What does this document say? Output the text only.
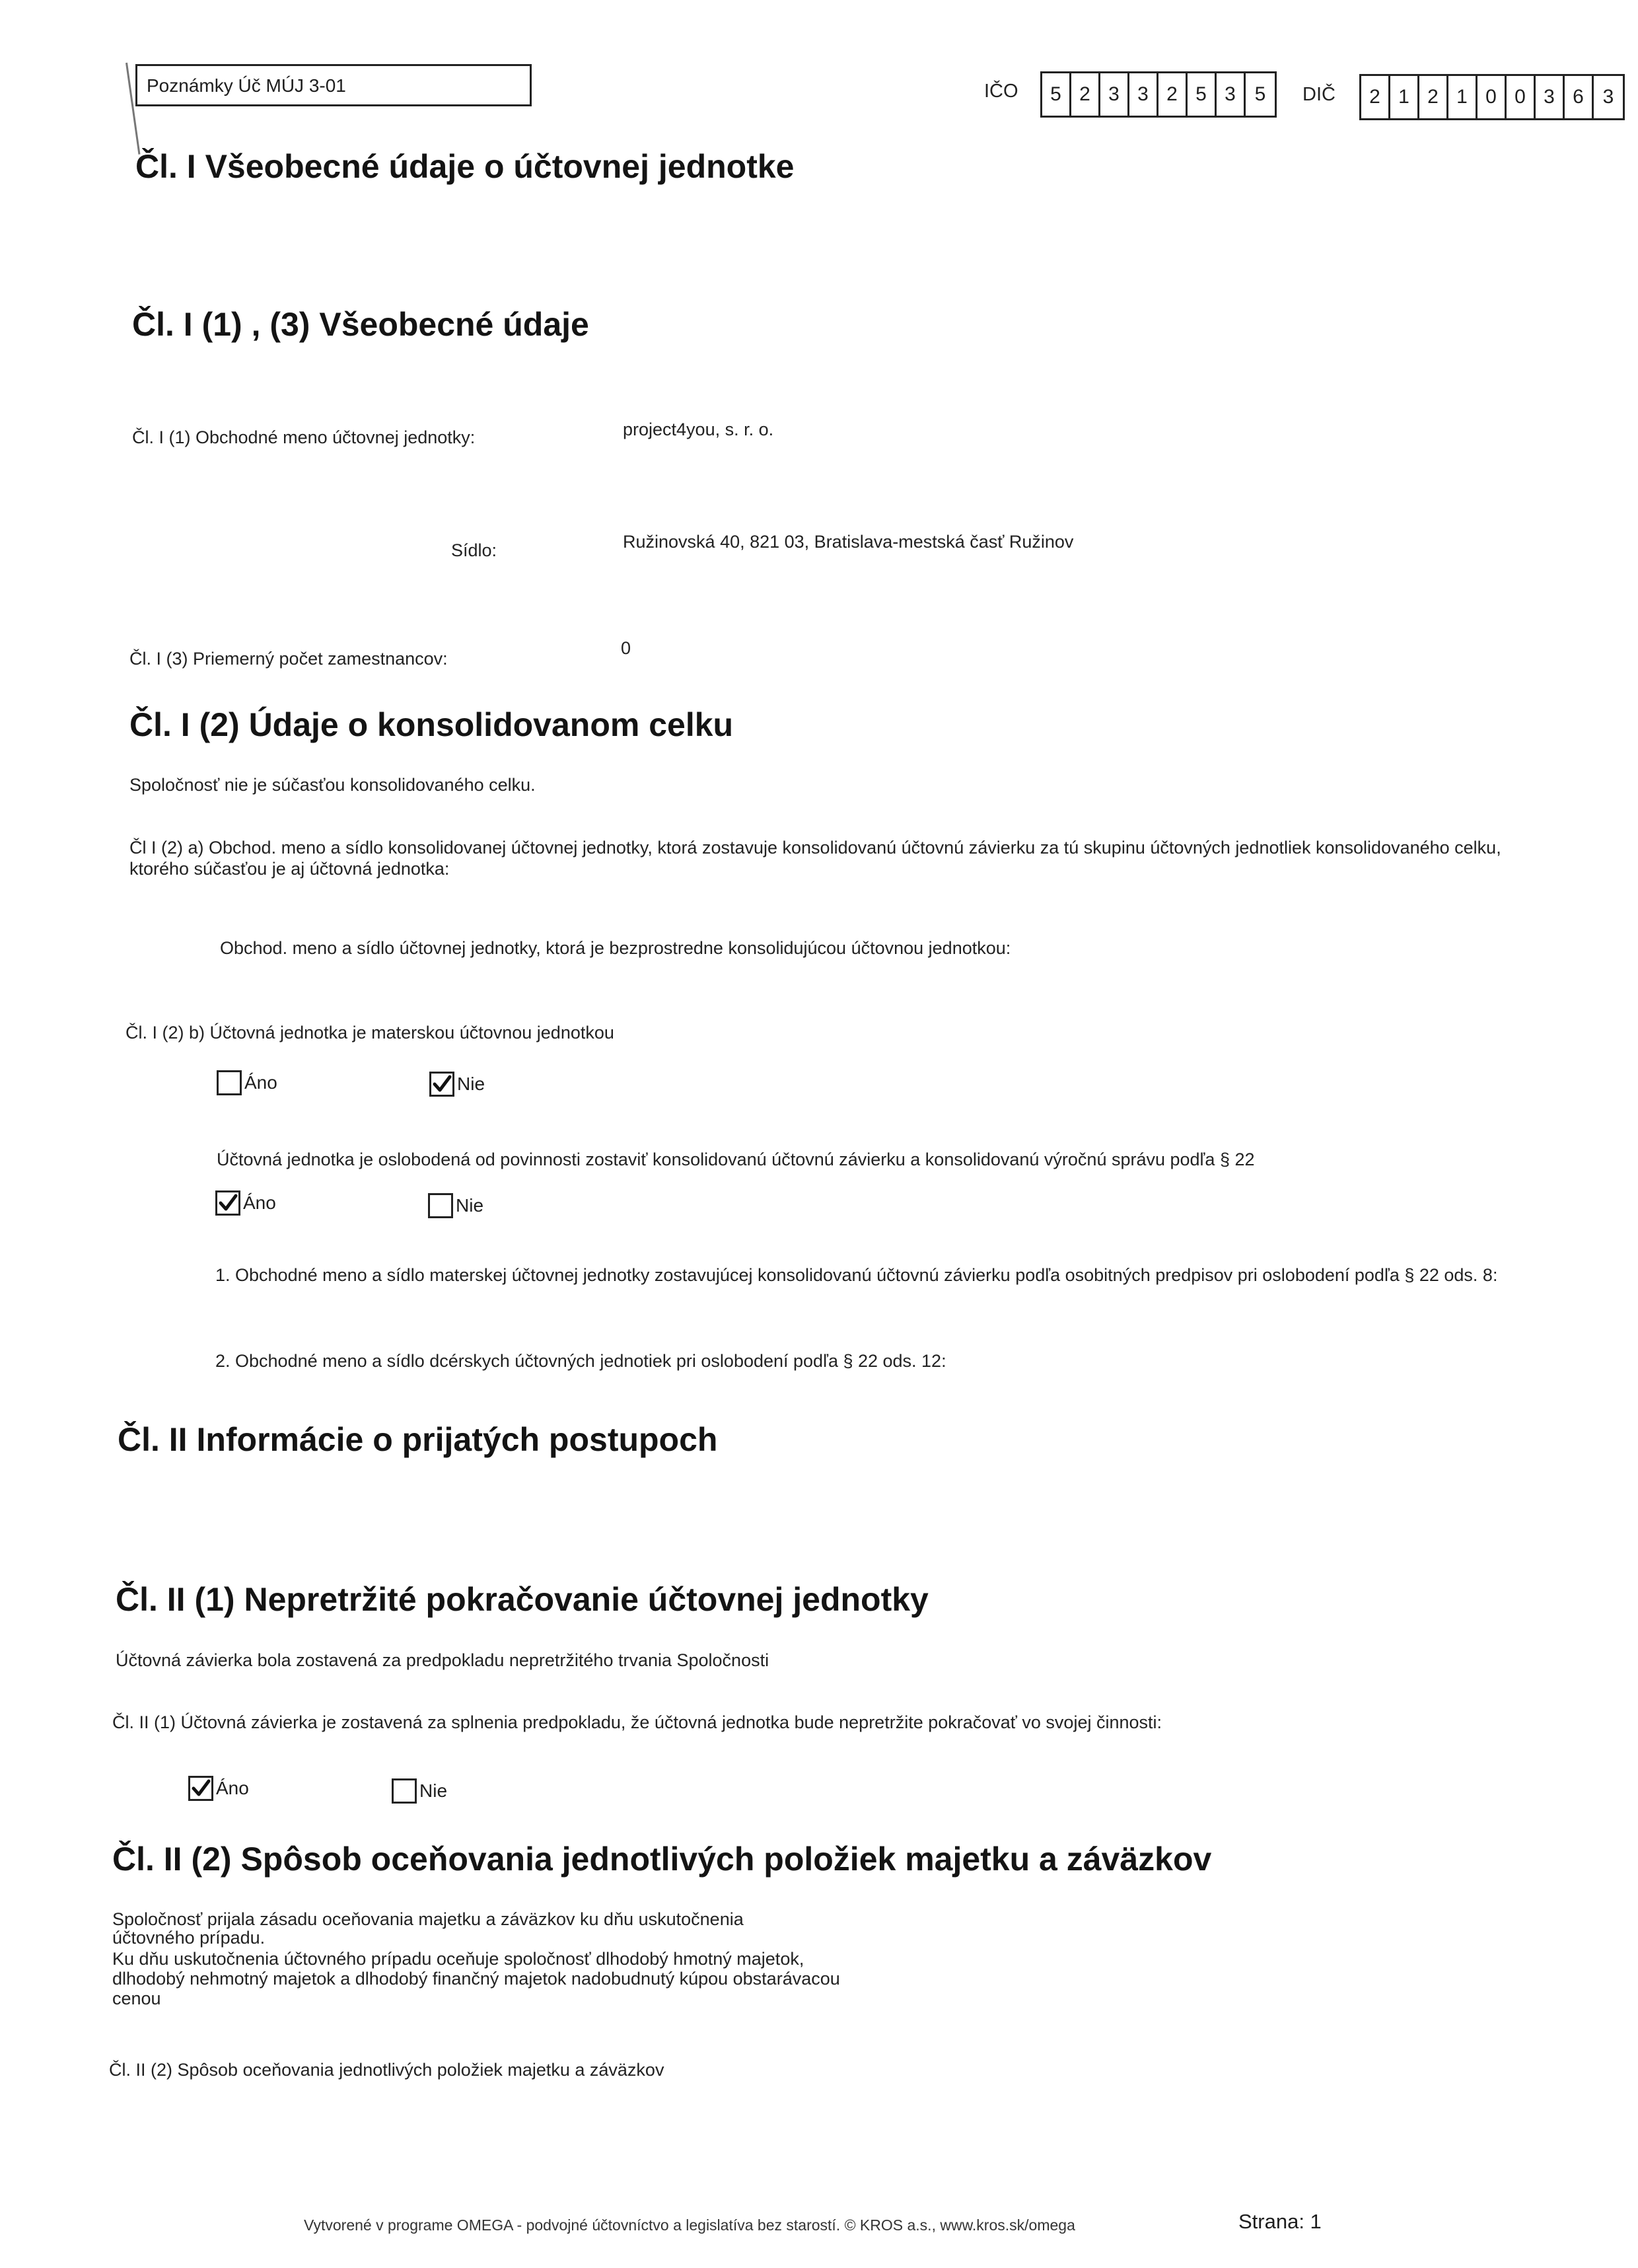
Poznámky Úč MÚJ 3-01	IČO	5 2 3 3 2 5 3 5	DIČ	2 1 2 1 0 0 3 6 3
Čl. I Všeobecné údaje o účtovnej jednotke
Čl. I (1) , (3) Všeobecné údaje
Čl. I (1) Obchodné meno účtovnej jednotky:	project4you, s. r. o.
Sídlo:	Ružinovská 40, 821 03, Bratislava-mestská časť Ružinov
Čl. I (3) Priemerný počet zamestnancov:
0
Čl. I (2) Údaje o konsolidovanom celku
Spoločnosť nie je súčasťou konsolidovaného celku.
Čl I (2) a) Obchod. meno a sídlo konsolidovanej účtovnej jednotky, ktorá zostavuje konsolidovanú účtovnú závierku za tú skupinu účtovných jednotliek konsolidovaného celku,
ktorého súčasťou je aj účtovná jednotka:
Obchod. meno a sídlo účtovnej jednotky, ktorá je bezprostredne konsolidujúcou účtovnou jednotkou:
Čl. I (2) b) Účtovná jednotka je materskou účtovnou jednotkou
Áno	Nie
Účtovná jednotka je oslobodená od povinnosti zostaviť konsolidovanú účtovnú závierku a konsolidovanú výročnú správu podľa § 22
Áno	Nie
1. Obchodné meno a sídlo materskej účtovnej jednotky zostavujúcej konsolidovanú účtovnú závierku podľa osobitných predpisov pri oslobodení podľa § 22 ods. 8:
2. Obchodné meno a sídlo dcérskych účtovných jednotiek pri oslobodení podľa § 22 ods. 12:
Čl. II Informácie o prijatých postupoch
Čl. II (1) Nepretržité pokračovanie účtovnej jednotky
Účtovná závierka bola zostavená za predpokladu nepretržitého trvania Spoločnosti
Čl. II (1) Účtovná závierka je zostavená za splnenia predpokladu, že účtovná jednotka bude nepretržite pokračovať vo svojej činnosti:
Áno	Nie
Čl. II (2) Spôsob oceňovania jednotlivých položiek majetku a záväzkov
Spoločnosť prijala zásadu oceňovania majetku a záväzkov ku dňu uskutočnenia
účtovného prípadu.
Ku dňu uskutočnenia účtovného prípadu oceňuje spoločnosť dlhodobý hmotný majetok,
dlhodobý nehmotný majetok a dlhodobý finančný majetok nadobudnutý kúpou obstarávacou
cenou
Čl. II (2) Spôsob oceňovania jednotlivých položiek majetku a záväzkov
Vytvorené v programe OMEGA - podvojné účtovníctvo a legislatíva bez starostí. © KROS a.s., www.kros.sk/omega	Strana: 1
